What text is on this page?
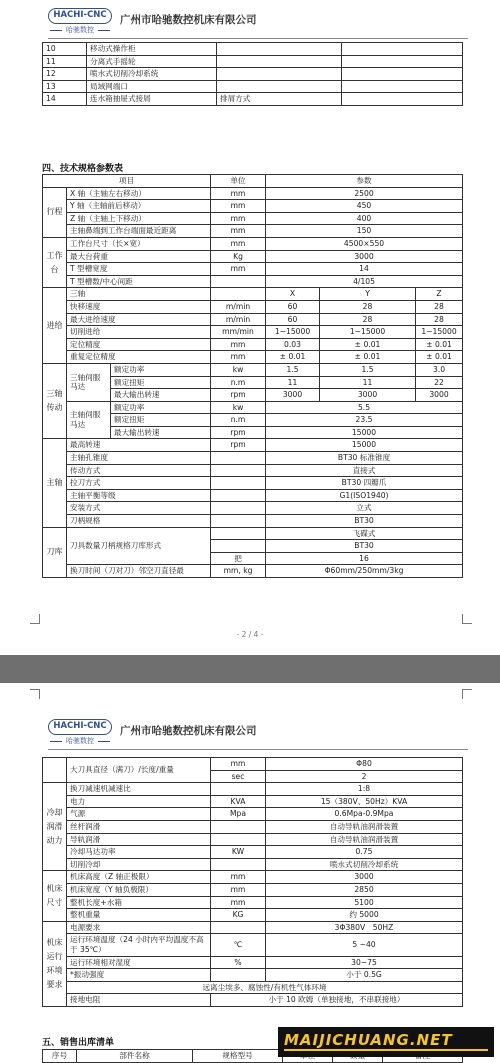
HACHI-CNC
哈驰数控
广州市哈驰数控机床有限公司
10	移动式操作柜		
11	分离式手摇轮		
12	喷水式切削冷却系统		
13	局域网端口		
14	连水箱抽屉式接屑	排屑方式	
四、技术规格参数表
项目			单位	参数		
行程	X 轴（主轴左右移动）		mm	2500		
	Y 轴（主轴前后移动）		mm	450		
	Z 轴（主轴上下移动）		mm	400		
	主轴鼻端到工作台端面最近距离		mm	150		
工作台	工作台尺寸（长×宽）		mm	4500×550		
	最大台荷重		Kg	3000		
	T 型槽宽度		mm	14		
	T 型槽数/中心间距			4/105		
进给	三轴			X	Y	Z
	快移速度		m/min	60	28	28
	最大进给速度		m/min	60	28	28
	切削进给		mm/min	1~15000	1~15000	1~15000
	定位精度		mm	0.03	± 0.01	± 0.01
	重复定位精度		mm	± 0.01	± 0.01	± 0.01
三轴传动	三轴伺服马达	额定功率	kw	1.5	1.5	3.0
		额定扭矩	n.m	11	11	22
		最大输出转速	rpm	3000	3000	3000
	主轴伺服马达	额定功率	kw	5.5		
		额定扭矩	n.m	23.5		
		最大输出转速	rpm	15000		
主轴	最高转速		rpm	15000		
	主轴孔锥度			BT30 标准锥度		
	传动方式			直接式		
	拉刀方式			BT30 四瓣爪		
	主轴平衡等级			G1(ISO1940)		
	安装方式			立式		
	刀柄规格			BT30		
刀库	刀具数量刀柄规格刀库形式			飞碟式		
				BT30		
			把	16		
	换刀时间（刀对刀）邻空刀直径最		mm, kg	Φ60mm/250mm/3kg		
- 2 / 4 -
HACHI-CNC
哈驰数控
广州市哈驰数控机床有限公司
	大刀具直径（满刀）/长度/重量	mm	Φ80
		sec	2
冷却润滑动力	换刀减速机减速比		1:8
	电力	KVA	15（380V、50Hz）KVA
	气源	Mpa	0.6Mpa-0.9Mpa
	丝杆润滑		自动导轨油润滑装置
	导轨润滑		自动导轨油润滑装置
	冷却马达功率	KW	0.75
	切削冷却		喷水式切削冷却系统
机床尺寸	机床高度（Z 轴正极限）	mm	3000
	机床宽度（Y 轴负极限）	mm	2850
	整机长度+水箱	mm	5100
	整机重量	KG	约 5000
机床运行环境要求	电源要求		3Φ380V　50HZ
	运行环境温度（24 小时内平均温度不高于 35℃）	℃	5 ~40
	运行环境相对湿度	%	30~75
	*振动强度		小于 0.5G
	远离尘埃多、腐蚀性/有机性气体环境		
	接地电阻	小于 10 欧姆（单独接地，不串联接地）	
五、销售出库清单
序号	部件名称	规格型号			
MAIJICHUANG.NET
